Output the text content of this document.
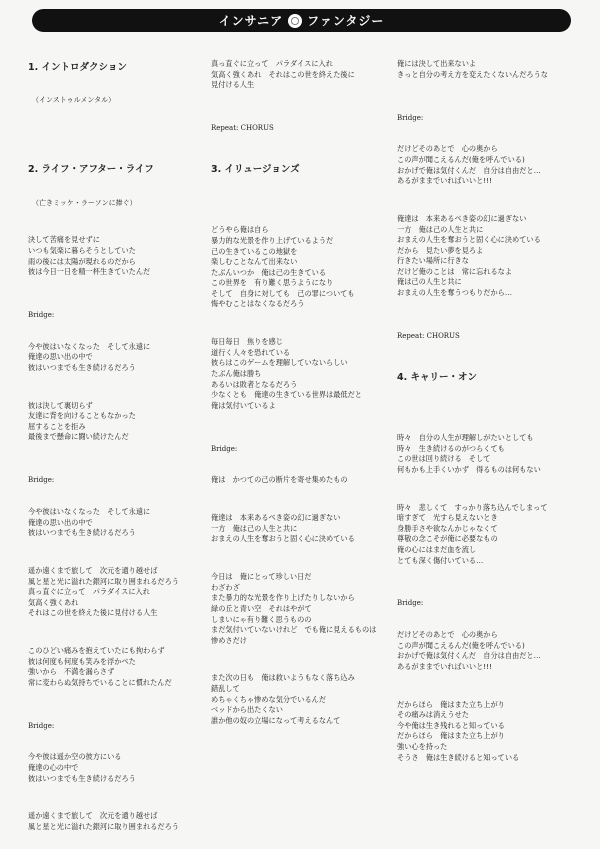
インサニア ファンタジー

1. イントロダクション

（インストゥルメンタル）

2. ライフ・アフター・ライフ

（亡きミッケ・ラーソンに捧ぐ）

決して苦痛を見せずに
いつも気楽に暮らそうとしていた
雨の後には太陽が現れるのだから
彼は今日一日を精一杯生きていたんだ

Bridge:

今や彼はいなくなった　そして永遠に
俺達の思い出の中で
彼はいつまでも生き続けるだろう

彼は決して裏切らず
友達に背を向けることもなかった
屈することを拒み
最後まで懸命に闘い続けたんだ

Bridge:

今や彼はいなくなった　そして永遠に
俺達の思い出の中で
彼はいつまでも生き続けるだろう

遥か遠くまで旅して　次元を通り越せば
風と星と光に溢れた銀河に取り囲まれるだろう
真っ直ぐに立って　パラダイスに入れ
気高く強くあれ
それはこの世を終えた後に見付ける人生

このひどい痛みを抱えていたにも拘わらず
彼は何度も何度も笑みを浮かべた
強いから　不満を漏らさず
常に変わらぬ気持ちでいることに慣れたんだ

Bridge:

今や彼は遥か空の彼方にいる
俺達の心の中で
彼はいつまでも生き続けるだろう

遥か遠くまで旅して　次元を通り越せば
風と星と光に溢れた銀河に取り囲まれるだろう

真っ直ぐに立って　パラダイスに入れ
気高く強くあれ　それはこの世を終えた後に
見付ける人生

Repeat: CHORUS

3. イリュージョンズ

どうやら俺は自ら
暴力的な光景を作り上げているようだ
己の生きているこの地獄を
楽しむことなんて出来ない
たぶんいつか　俺は己の生きている
この世界を　有り難く思うようになり
そして　自身に対しても　己の罪についても
悔やむことはなくなるだろう

毎日毎日　焦りを感じ
道行く人々を恐れている
彼らはこのゲームを理解していないらしい
たぶん俺は勝ち
あるいは敗者となるだろう
少なくとも　俺達の生きている世界は最低だと
俺は気付いているよ

Bridge:

俺は　かつての己の断片を寄せ集めたもの

俺達は　本来あるべき姿の幻に過ぎない
一方　俺は己の人生と共に
おまえの人生を奪おうと固く心に決めている

今日は　俺にとって珍しい日だ
わざわざ
また暴力的な光景を作り上げたりしないから
緑の丘と青い空　それはやがて
しまいにゃ有り難く思うものの
まだ気付いていないけれど　でも俺に見えるものは
惨めさだけ

また次の日も　俺は救いようもなく落ち込み
錯乱して
めちゃくちゃ惨めな気分でいるんだ
ベッドから出たくない
誰か他の奴の立場になって考えるなんて

俺には決して出来ないよ
きっと自分の考え方を変えたくないんだろうな

Bridge:

だけどそのあとで　心の奥から
この声が聞こえるんだ(俺を呼んでいる)
おかげで俺は気付くんだ　自分は自由だと…
あるがままでいればいいと!!!

俺達は　本来あるべき姿の幻に過ぎない
一方　俺は己の人生と共に
おまえの人生を奪おうと固く心に決めている
だから　見たい夢を見ろよ
行きたい場所に行きな
だけど俺のことは　常に忘れるなよ
俺は己の人生と共に
おまえの人生を奪うつもりだから…

Repeat: CHORUS

4. キャリー・オン

時々　自分の人生が理解しがたいとしても
時々　生き続けるのがつらくても
この世は回り続ける　そして
何もかも上手くいかず　得るものは何もない

時々　悲しくて　すっかり落ち込んでしまって
暗すぎて　光すら見えないとき
身勝手さや欲なんかじゃなくて
尊敬の念こそが俺に必要なもの
俺の心にはまだ血を流し
とても深く傷付いている…

Bridge:

だけどそのあとで　心の奥から
この声が聞こえるんだ(俺を呼んでいる)
おかげで俺は気付くんだ　自分は自由だと…
あるがままでいればいいと!!!

だからほら　俺はまた立ち上がり
その痛みは消えうせた
今や俺は生き残れると知っている
だからほら　俺はまた立ち上がり
強い心を持った
そうさ　俺は生き続けると知っている
